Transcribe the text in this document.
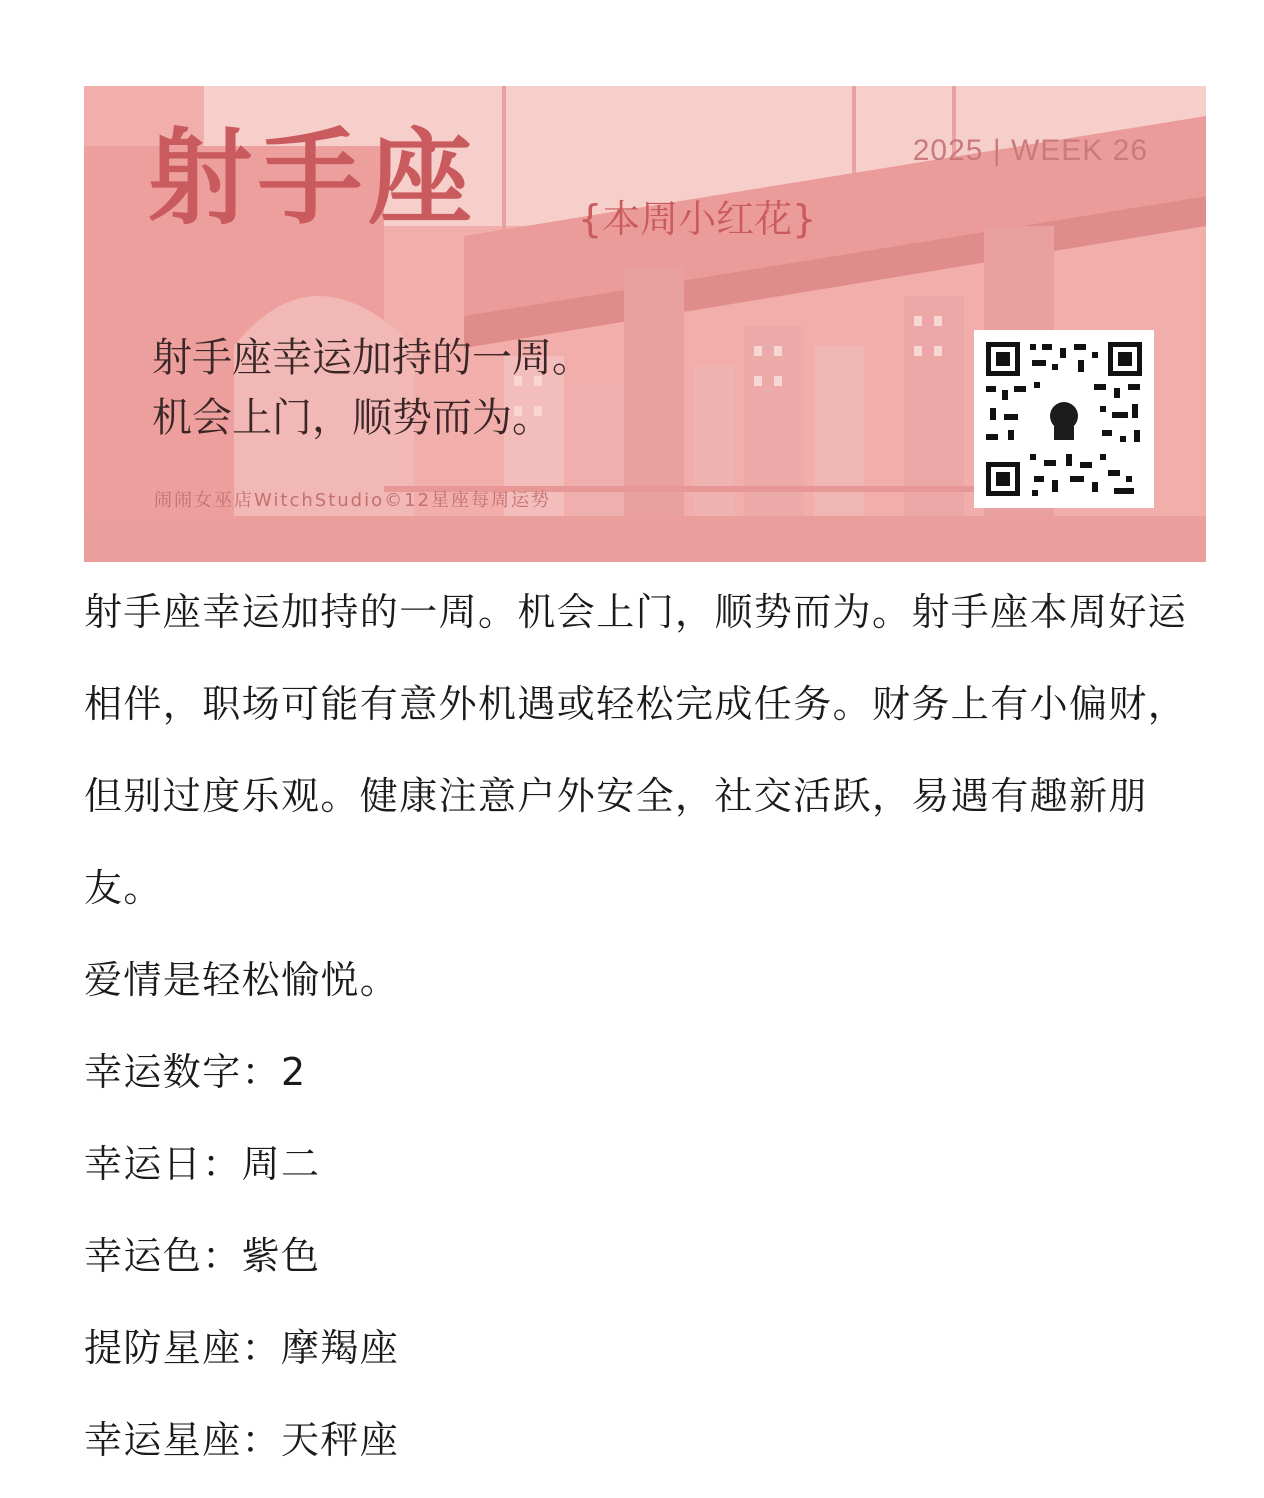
射手座	{本周小红花}
2025 | WEEK 26
射手座幸运加持的一周。
机会上门，顺势而为。
闹闹女巫店WitchStudio©12星座每周运势

射手座幸运加持的一周。机会上门，顺势而为。射手座本周好运相伴，职场可能有意外机遇或轻松完成任务。财务上有小偏财，但别过度乐观。健康注意户外安全，社交活跃，易遇有趣新朋友。

爱情是轻松愉悦。

幸运数字：2

幸运日：周二

幸运色：紫色

提防星座：摩羯座

幸运星座：天秤座
